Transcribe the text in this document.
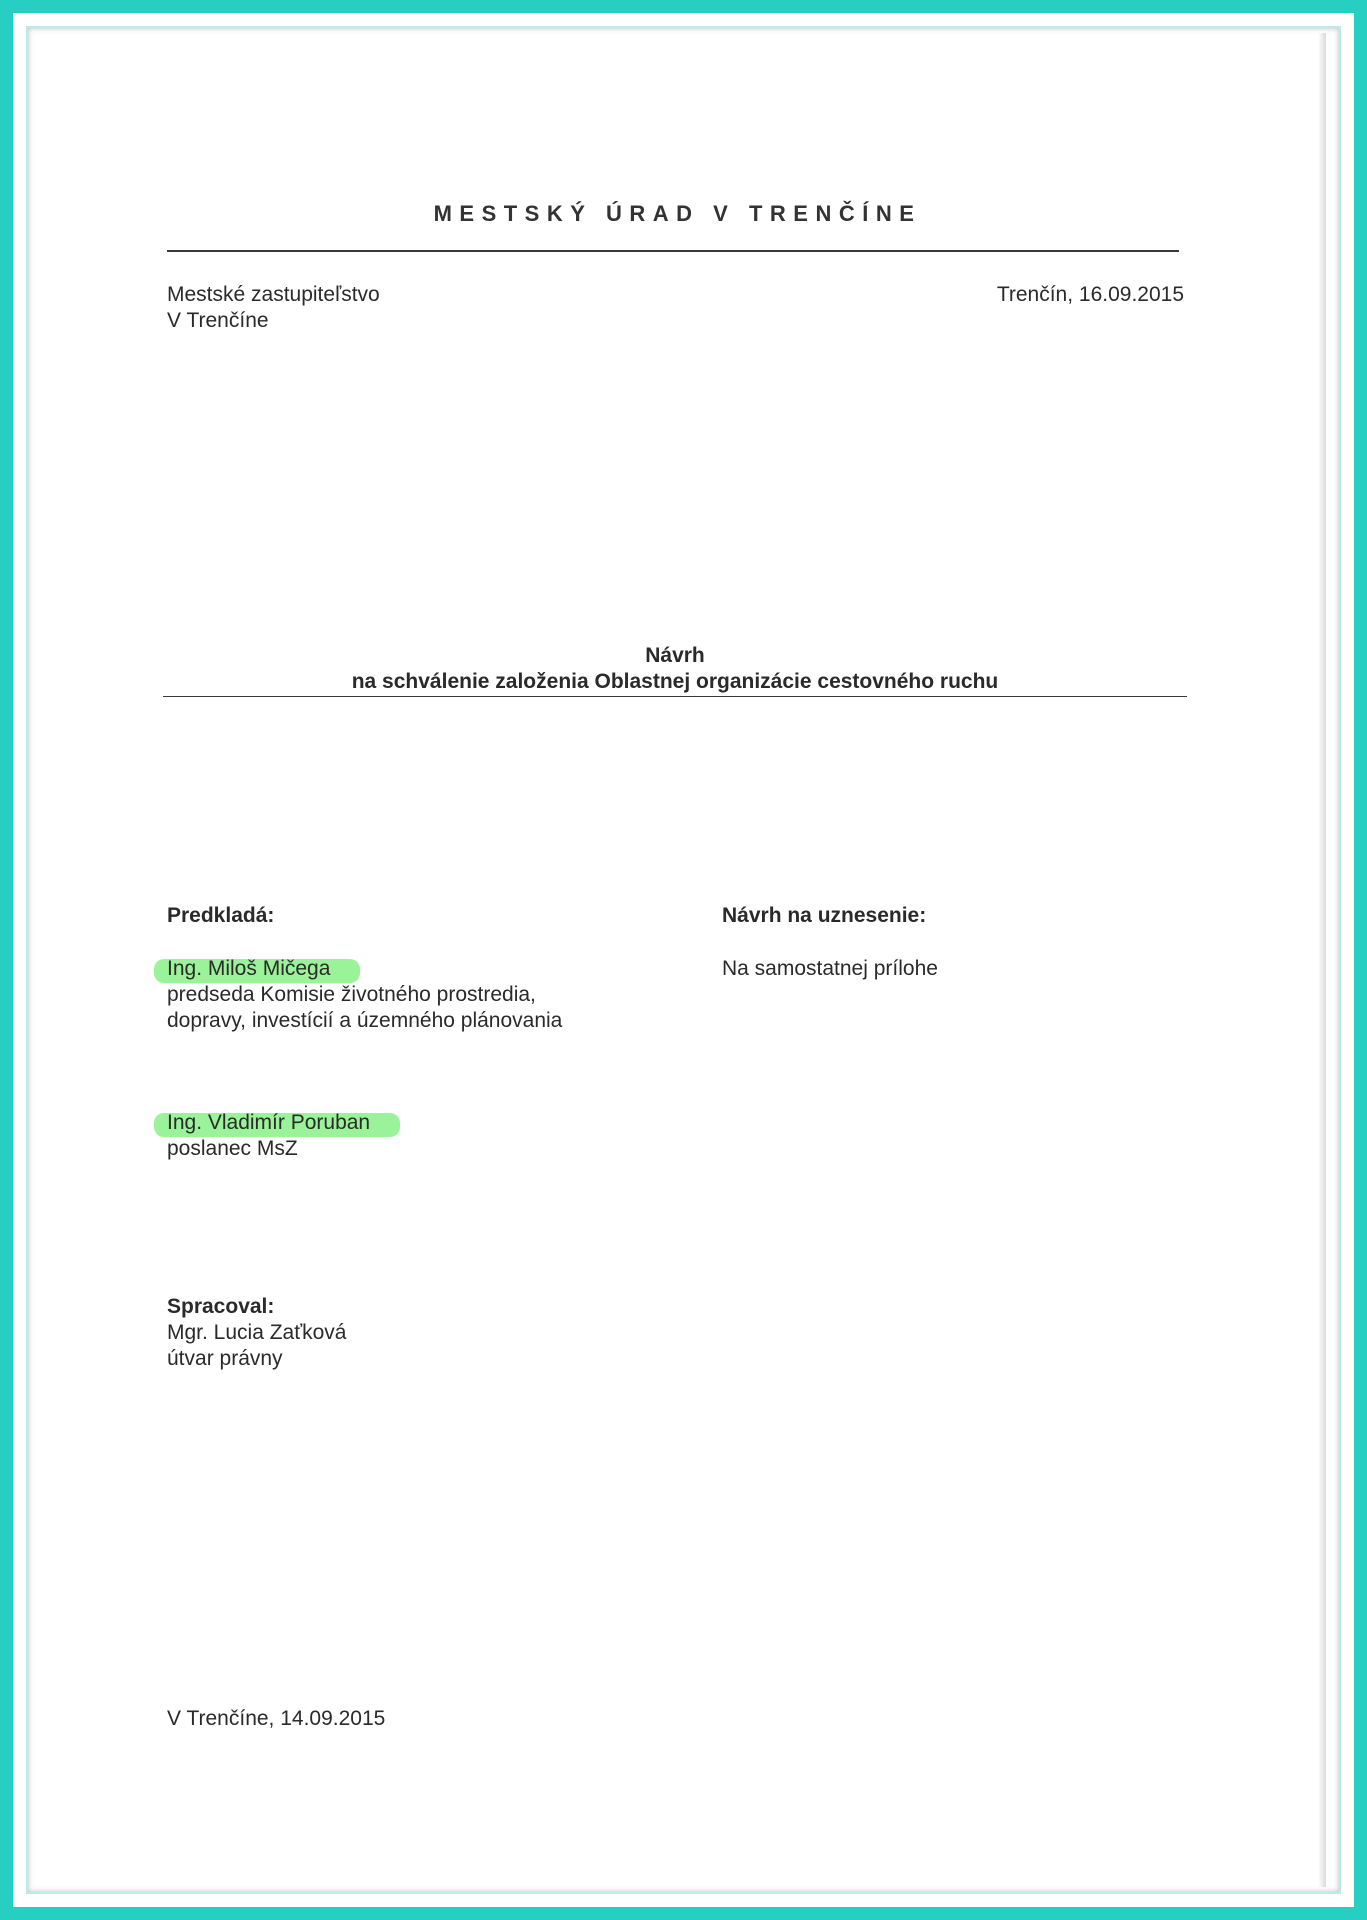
MESTSKÝ ÚRAD V TRENČÍNE
Mestské zastupiteľstvo
V Trenčíne
Trenčín, 16.09.2015
Návrh
na schválenie založenia Oblastnej organizácie cestovného ruchu
Predkladá:
Ing. Miloš Mičega
predseda Komisie životného prostredia,
dopravy, investícií a územného plánovania
Ing. Vladimír Poruban
poslanec MsZ
Návrh na uznesenie:
Na samostatnej prílohe
Spracoval:
Mgr. Lucia Zaťková
útvar právny
V Trenčíne, 14.09.2015
